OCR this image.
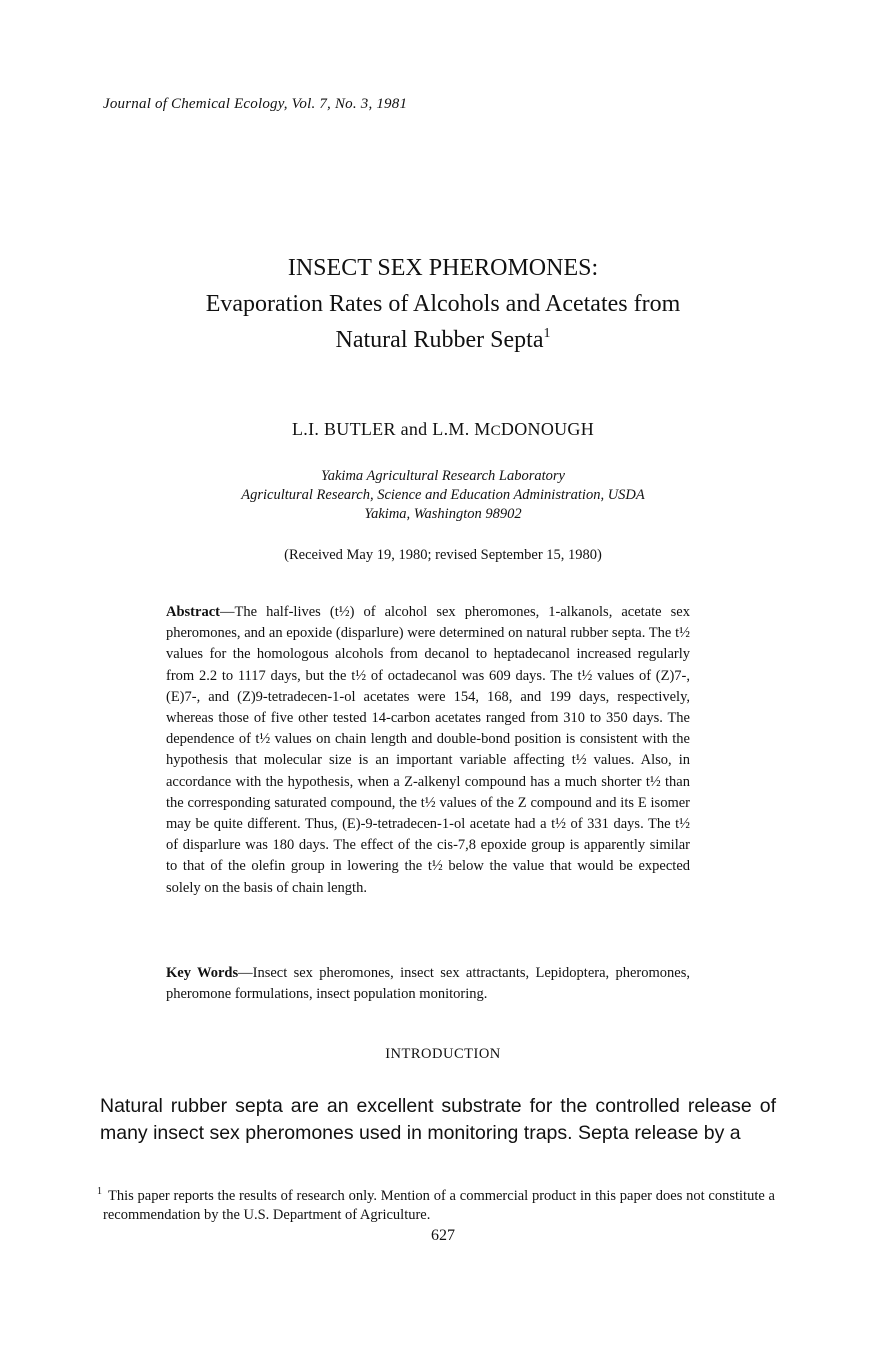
Journal of Chemical Ecology, Vol. 7, No. 3, 1981
INSECT SEX PHEROMONES:
Evaporation Rates of Alcohols and Acetates from
Natural Rubber Septa$^1$
L.I. BUTLER and L.M. MCDONOUGH
Yakima Agricultural Research Laboratory
Agricultural Research, Science and Education Administration, USDA
Yakima, Washington 98902
(Received May 19, 1980; revised September 15, 1980)
Abstract—The half-lives (t½) of alcohol sex pheromones, 1-alkanols, acetate sex pheromones, and an epoxide (disparlure) were determined on natural rubber septa. The t½ values for the homologous alcohols from decanol to heptadecanol increased regularly from 2.2 to 1117 days, but the t½ of octadecanol was 609 days. The t½ values of (Z)7-, (E)7-, and (Z)9-tetradecen-1-ol acetates were 154, 168, and 199 days, respectively, whereas those of five other tested 14-carbon acetates ranged from 310 to 350 days. The dependence of t½ values on chain length and double-bond position is consistent with the hypothesis that molecular size is an important variable affecting t½ values. Also, in accordance with the hypothesis, when a Z-alkenyl compound has a much shorter t½ than the corresponding saturated compound, the t½ values of the Z compound and its E isomer may be quite different. Thus, (E)-9-tetradecen-1-ol acetate had a t½ of 331 days. The t½ of disparlure was 180 days. The effect of the cis-7,8 epoxide group is apparently similar to that of the olefin group in lowering the t½ below the value that would be expected solely on the basis of chain length.
Key Words—Insect sex pheromones, insect sex attractants, Lepidoptera, pheromones, pheromone formulations, insect population monitoring.
INTRODUCTION
Natural rubber septa are an excellent substrate for the controlled release of many insect sex pheromones used in monitoring traps. Septa release by a
$^1$ This paper reports the results of research only. Mention of a commercial product in this paper does not constitute a recommendation by the U.S. Department of Agriculture.
627
